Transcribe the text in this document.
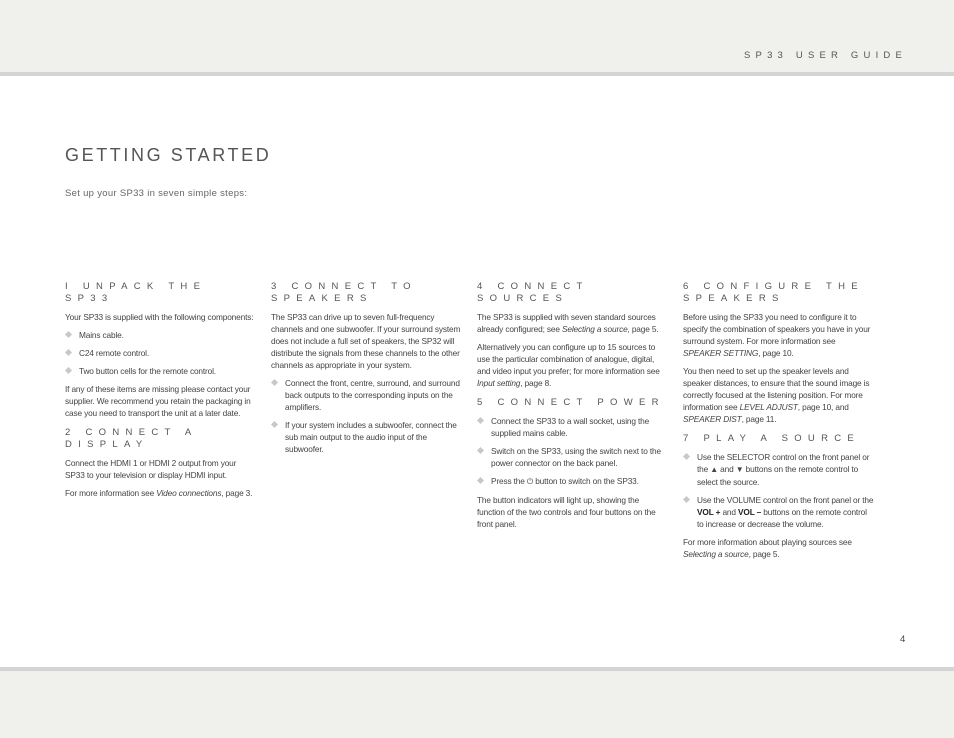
SP33 USER GUIDE
GETTING STARTED
Set up your SP33 in seven simple steps:
I UNPACK THE SP33

Your SP33 is supplied with the following components:

Mains cable.
C24 remote control.
Two button cells for the remote control.

If any of these items are missing please contact your supplier. We recommend you retain the packaging in case you need to transport the unit at a later date.

2 CONNECT A DISPLAY

Connect the HDMI 1 or HDMI 2 output from your SP33 to your television or display HDMI input.

For more information see Video connections, page 3.

3 CONNECT TO
SPEAKERS

The SP33 can drive up to seven full-frequency channels and one subwoofer. If your surround system does not include a full set of speakers, the SP32 will distribute the signals from these channels to the other channels as appropriate in your system.

Connect the front, centre, surround, and surround back outputs to the corresponding inputs on the amplifiers.
If your system includes a subwoofer, connect the sub main output to the audio input of the subwoofer.
4 CONNECT SOURCES

The SP33 is supplied with seven standard sources already configured; see Selecting a source, page 5.

Alternatively you can configure up to 15 sources to use the particular combination of analogue, digital, and video input you prefer; for more information see Input setting, page 8.

5 CONNECT POWER
Connect the SP33 to a wall socket, using the supplied mains cable.
Switch on the SP33, using the switch next to the power connector on the back panel.
Press the ⏻ button to switch on the SP33.

The button indicators will light up, showing the function of the two controls and four buttons on the front panel.

6 CONFIGURE THE
SPEAKERS

Before using the SP33 you need to configure it to specify the combination of speakers you have in your surround system. For more information see SPEAKER SETTING, page 10.

You then need to set up the speaker levels and speaker distances, to ensure that the sound image is correctly focused at the listening position. For more information see LEVEL ADJUST, page 10, and SPEAKER DIST, page 11.

7 PLAY A SOURCE
Use the SELECTOR control on the front panel or the ▲ and ▼ buttons on the remote control to select the source.
Use the VOLUME control on the front panel or the VOL + and VOL – buttons on the remote control to increase or decrease the volume.

For more information about playing sources see Selecting a source, page 5.

4
